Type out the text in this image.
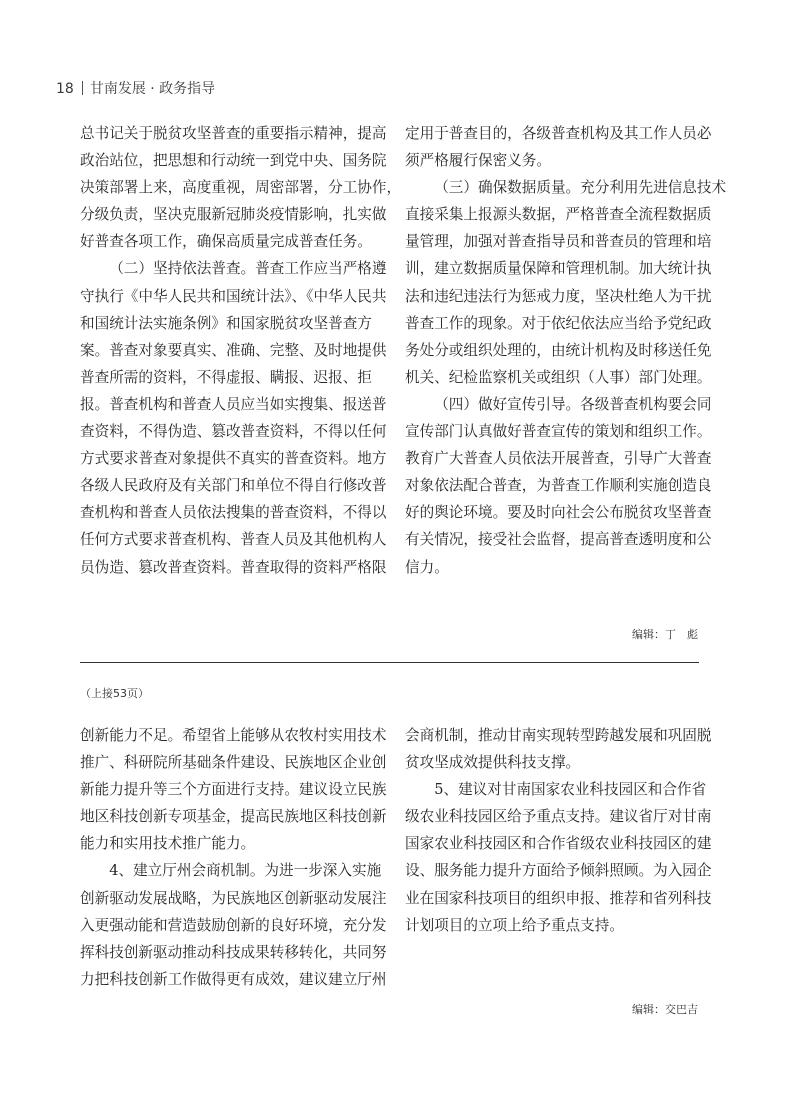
18 甘南发展 · 政务指导

总书记关于脱贫攻坚普查的重要指示精神，提高

政治站位，把思想和行动统一到党中央、国务院

决策部署上来，高度重视，周密部署，分工协作，

分级负责，坚决克服新冠肺炎疫情影响，扎实做

好普查各项工作，确保高质量完成普查任务。

（二）坚持依法普查。普查工作应当严格遵

守执行《中华人民共和国统计法》、《中华人民共

和国统计法实施条例》和国家脱贫攻坚普查方

案。普查对象要真实、准确、完整、及时地提供

普查所需的资料，不得虚报、瞒报、迟报、拒

报。普查机构和普查人员应当如实搜集、报送普

查资料，不得伪造、篡改普查资料，不得以任何

方式要求普查对象提供不真实的普查资料。地方

各级人民政府及有关部门和单位不得自行修改普

查机构和普查人员依法搜集的普查资料，不得以

任何方式要求普查机构、普查人员及其他机构人

员伪造、篡改普查资料。普查取得的资料严格限

定用于普查目的，各级普查机构及其工作人员必

须严格履行保密义务。

（三）确保数据质量。充分利用先进信息技术

直接采集上报源头数据，严格普查全流程数据质

量管理，加强对普查指导员和普查员的管理和培

训，建立数据质量保障和管理机制。加大统计执

法和违纪违法行为惩戒力度，坚决杜绝人为干扰

普查工作的现象。对于依纪依法应当给予党纪政

务处分或组织处理的，由统计机构及时移送任免

机关、纪检监察机关或组织（人事）部门处理。

（四）做好宣传引导。各级普查机构要会同

宣传部门认真做好普查宣传的策划和组织工作。

教育广大普查人员依法开展普查，引导广大普查

对象依法配合普查，为普查工作顺利实施创造良

好的舆论环境。要及时向社会公布脱贫攻坚普查

有关情况，接受社会监督，提高普查透明度和公

信力。

编辑：丁　彪
（上接53页）

创新能力不足。希望省上能够从农牧村实用技术

推广、科研院所基础条件建设、民族地区企业创

新能力提升等三个方面进行支持。建议设立民族

地区科技创新专项基金，提高民族地区科技创新

能力和实用技术推广能力。

4、建立厅州会商机制。为进一步深入实施

创新驱动发展战略，为民族地区创新驱动发展注

入更强动能和营造鼓励创新的良好环境，充分发

挥科技创新驱动推动科技成果转移转化，共同努

力把科技创新工作做得更有成效，建议建立厅州

会商机制，推动甘南实现转型跨越发展和巩固脱

贫攻坚成效提供科技支撑。

5、建议对甘南国家农业科技园区和合作省

级农业科技园区给予重点支持。建议省厅对甘南

国家农业科技园区和合作省级农业科技园区的建

设、服务能力提升方面给予倾斜照顾。为入园企

业在国家科技项目的组织申报、推荐和省列科技

计划项目的立项上给予重点支持。

编辑：交巴吉
